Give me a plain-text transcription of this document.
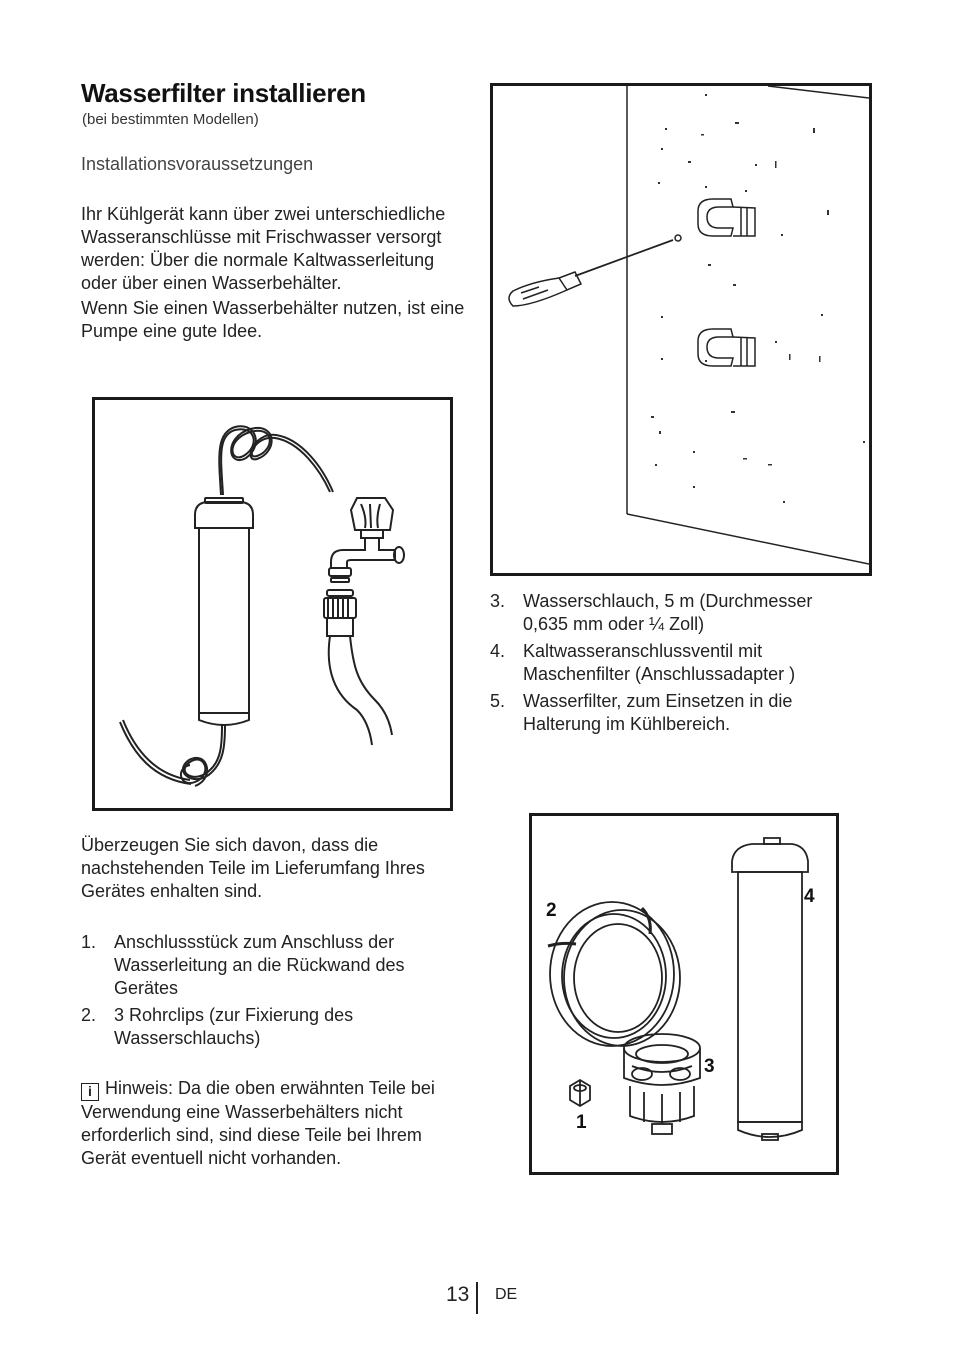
Wasserfilter installieren
(bei bestimmten Modellen)
Installationsvoraussetzungen

Ihr Kühlgerät kann über zwei unterschiedliche Wasseranschlüsse mit Frischwasser versorgt werden: Über die normale Kaltwasserleitung oder über einen Wasserbehälter.

Wenn Sie einen Wasserbehälter nutzen, ist eine Pumpe eine gute Idee.

Überzeugen Sie sich davon, dass die nachstehenden Teile im Lieferumfang Ihres Gerätes enhalten sind.

1. Anschlussstück zum Anschluss der Wasserleitung an die Rückwand des Gerätes
2. 3 Rohrclips (zur Fixierung des Wasserschlauchs)

i Hinweis: Da die oben erwähnten Teile bei Verwendung eine Wasserbehälters nicht erforderlich sind, sind diese Teile bei Ihrem Gerät eventuell nicht vorhanden.

3. Wasserschlauch, 5 m (Durchmesser 0,635 mm oder ¼ Zoll)
4. Kaltwasseranschlussventil mit Maschenfilter (Anschlussadapter )
5. Wasserfilter, zum Einsetzen in die Halterung im Kühlbereich.
1
2
3
4
13 DE
